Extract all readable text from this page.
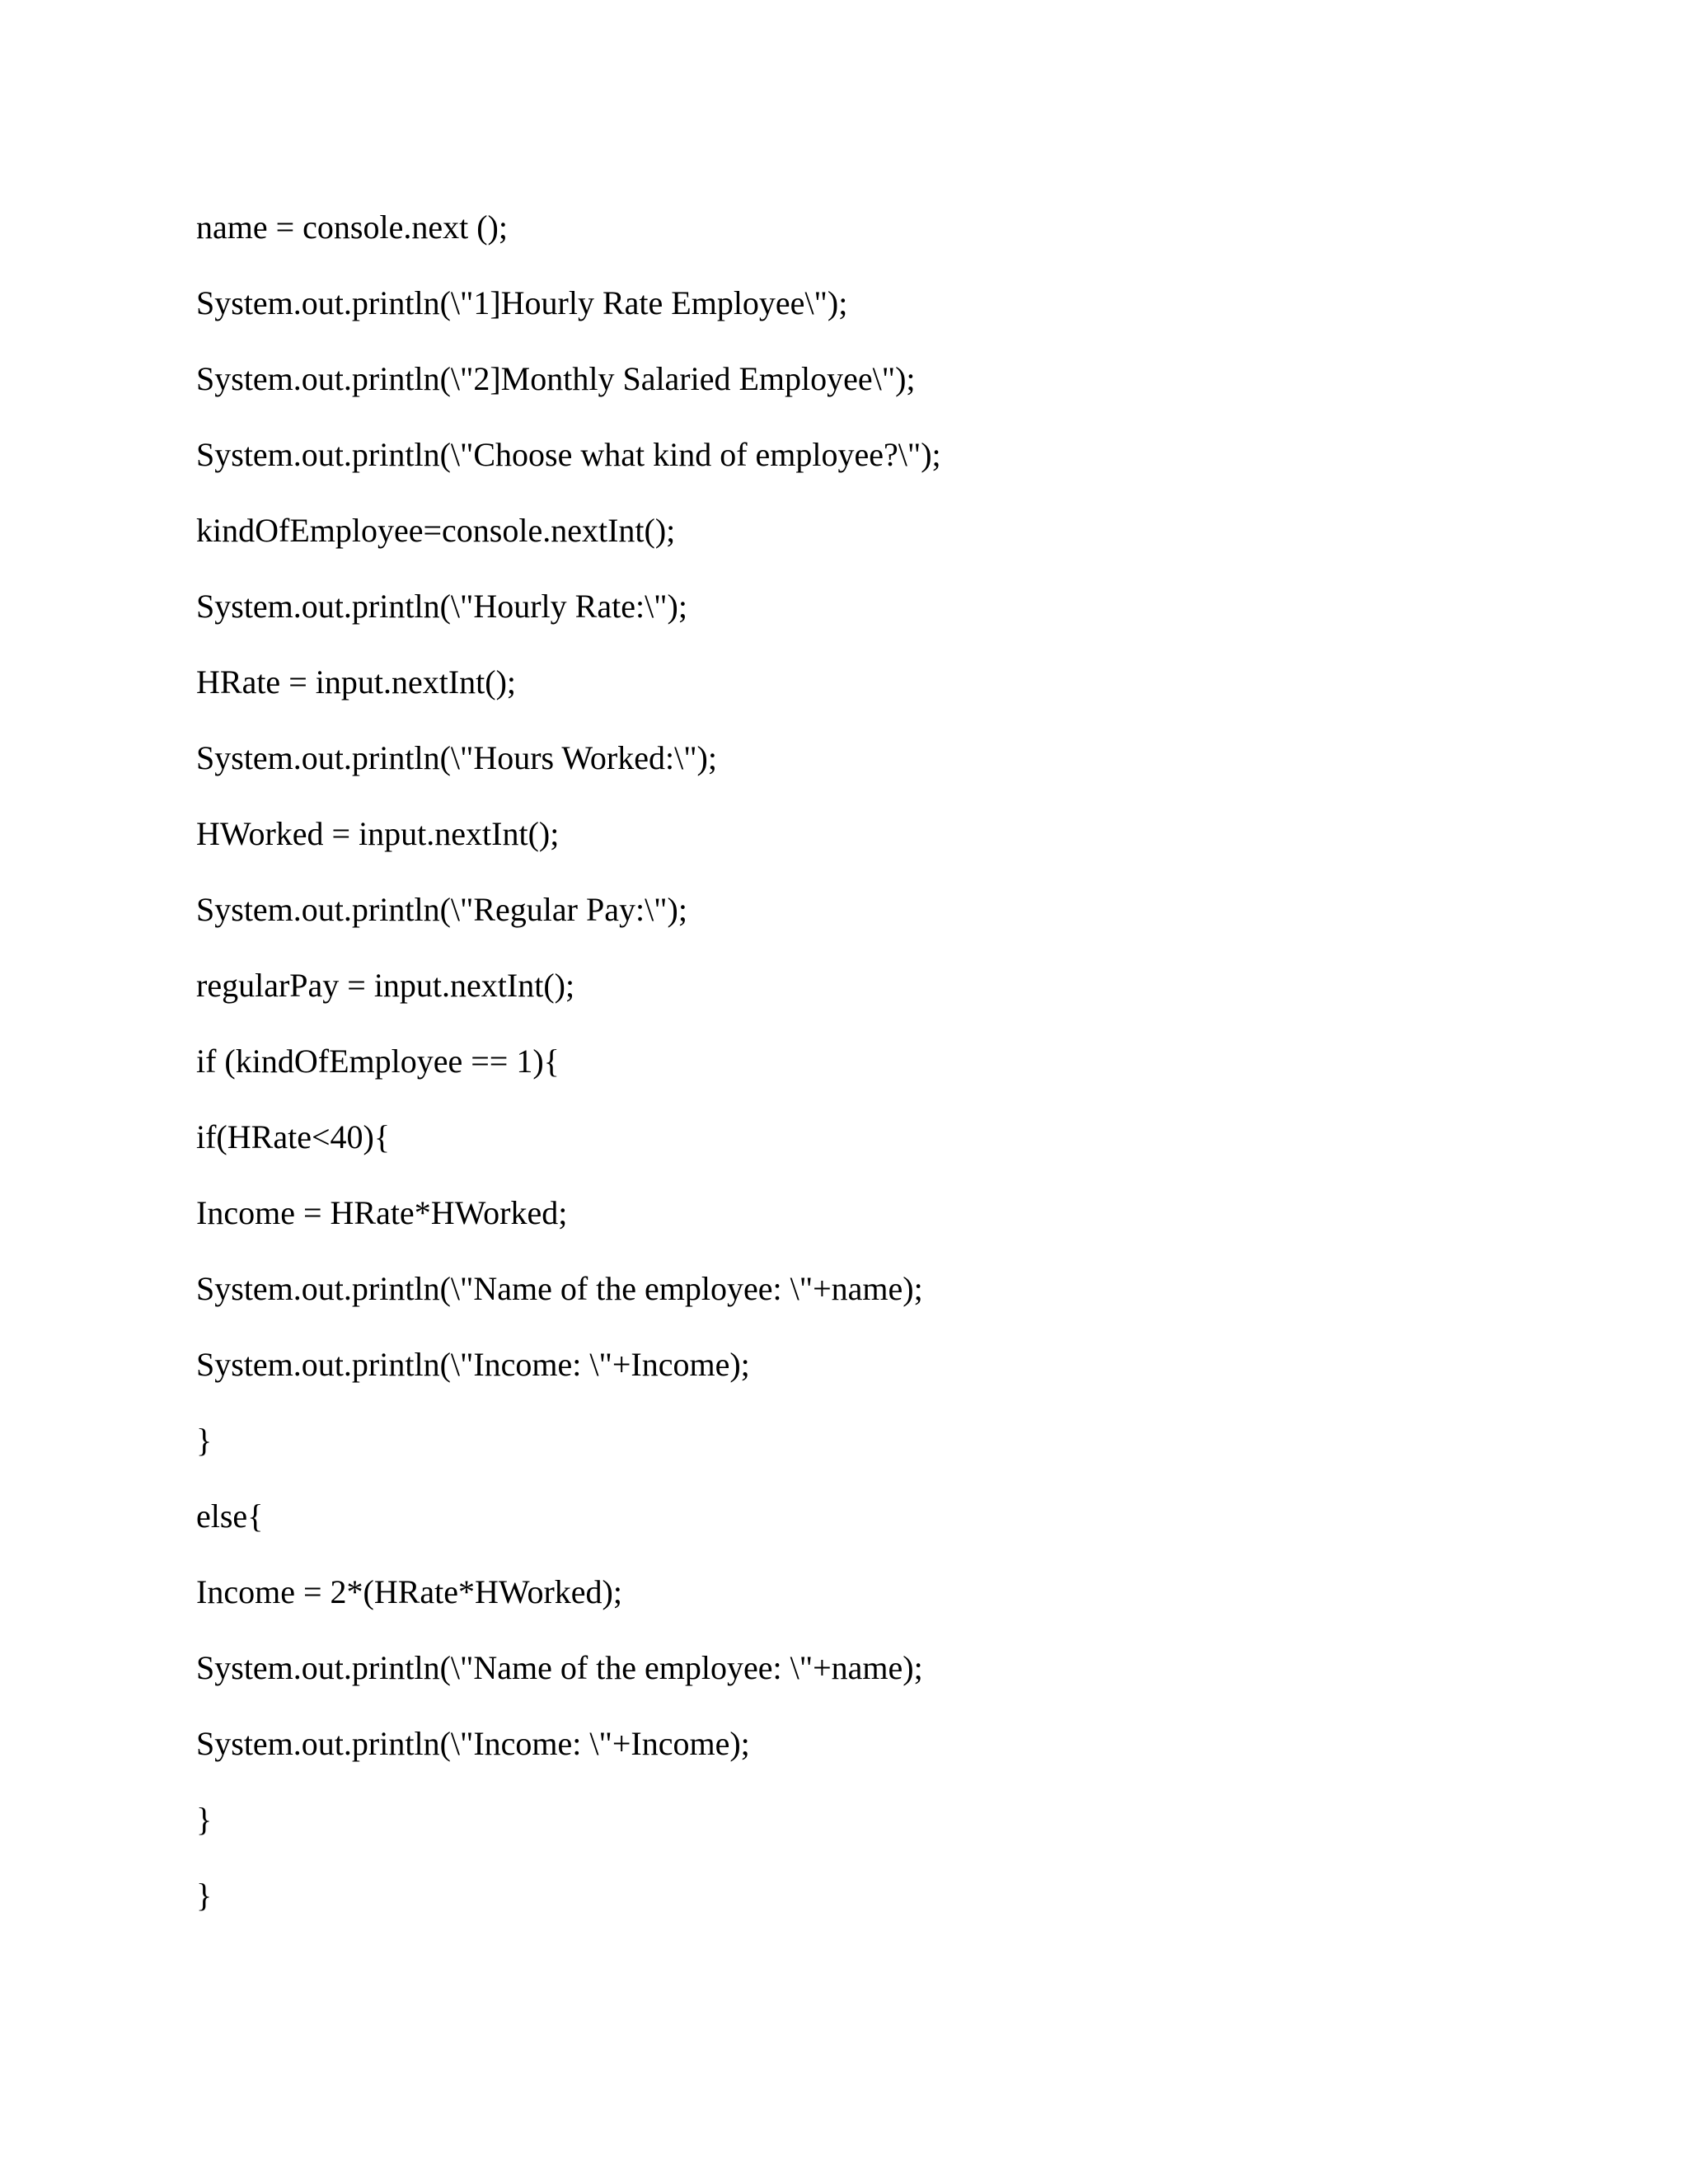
name = console.next ();
System.out.println(\"1]Hourly Rate Employee\");
System.out.println(\"2]Monthly Salaried Employee\");
System.out.println(\"Choose what kind of employee?\");
kindOfEmployee=console.nextInt();
System.out.println(\"Hourly Rate:\");
HRate = input.nextInt();
System.out.println(\"Hours Worked:\");
HWorked = input.nextInt();
System.out.println(\"Regular Pay:\");
regularPay = input.nextInt();
if (kindOfEmployee == 1){
if(HRate<40){
Income = HRate*HWorked;
System.out.println(\"Name of the employee: \"+name);
System.out.println(\"Income: \"+Income);
}
else{
Income = 2*(HRate*HWorked);
System.out.println(\"Name of the employee: \"+name);
System.out.println(\"Income: \"+Income);
}
}
